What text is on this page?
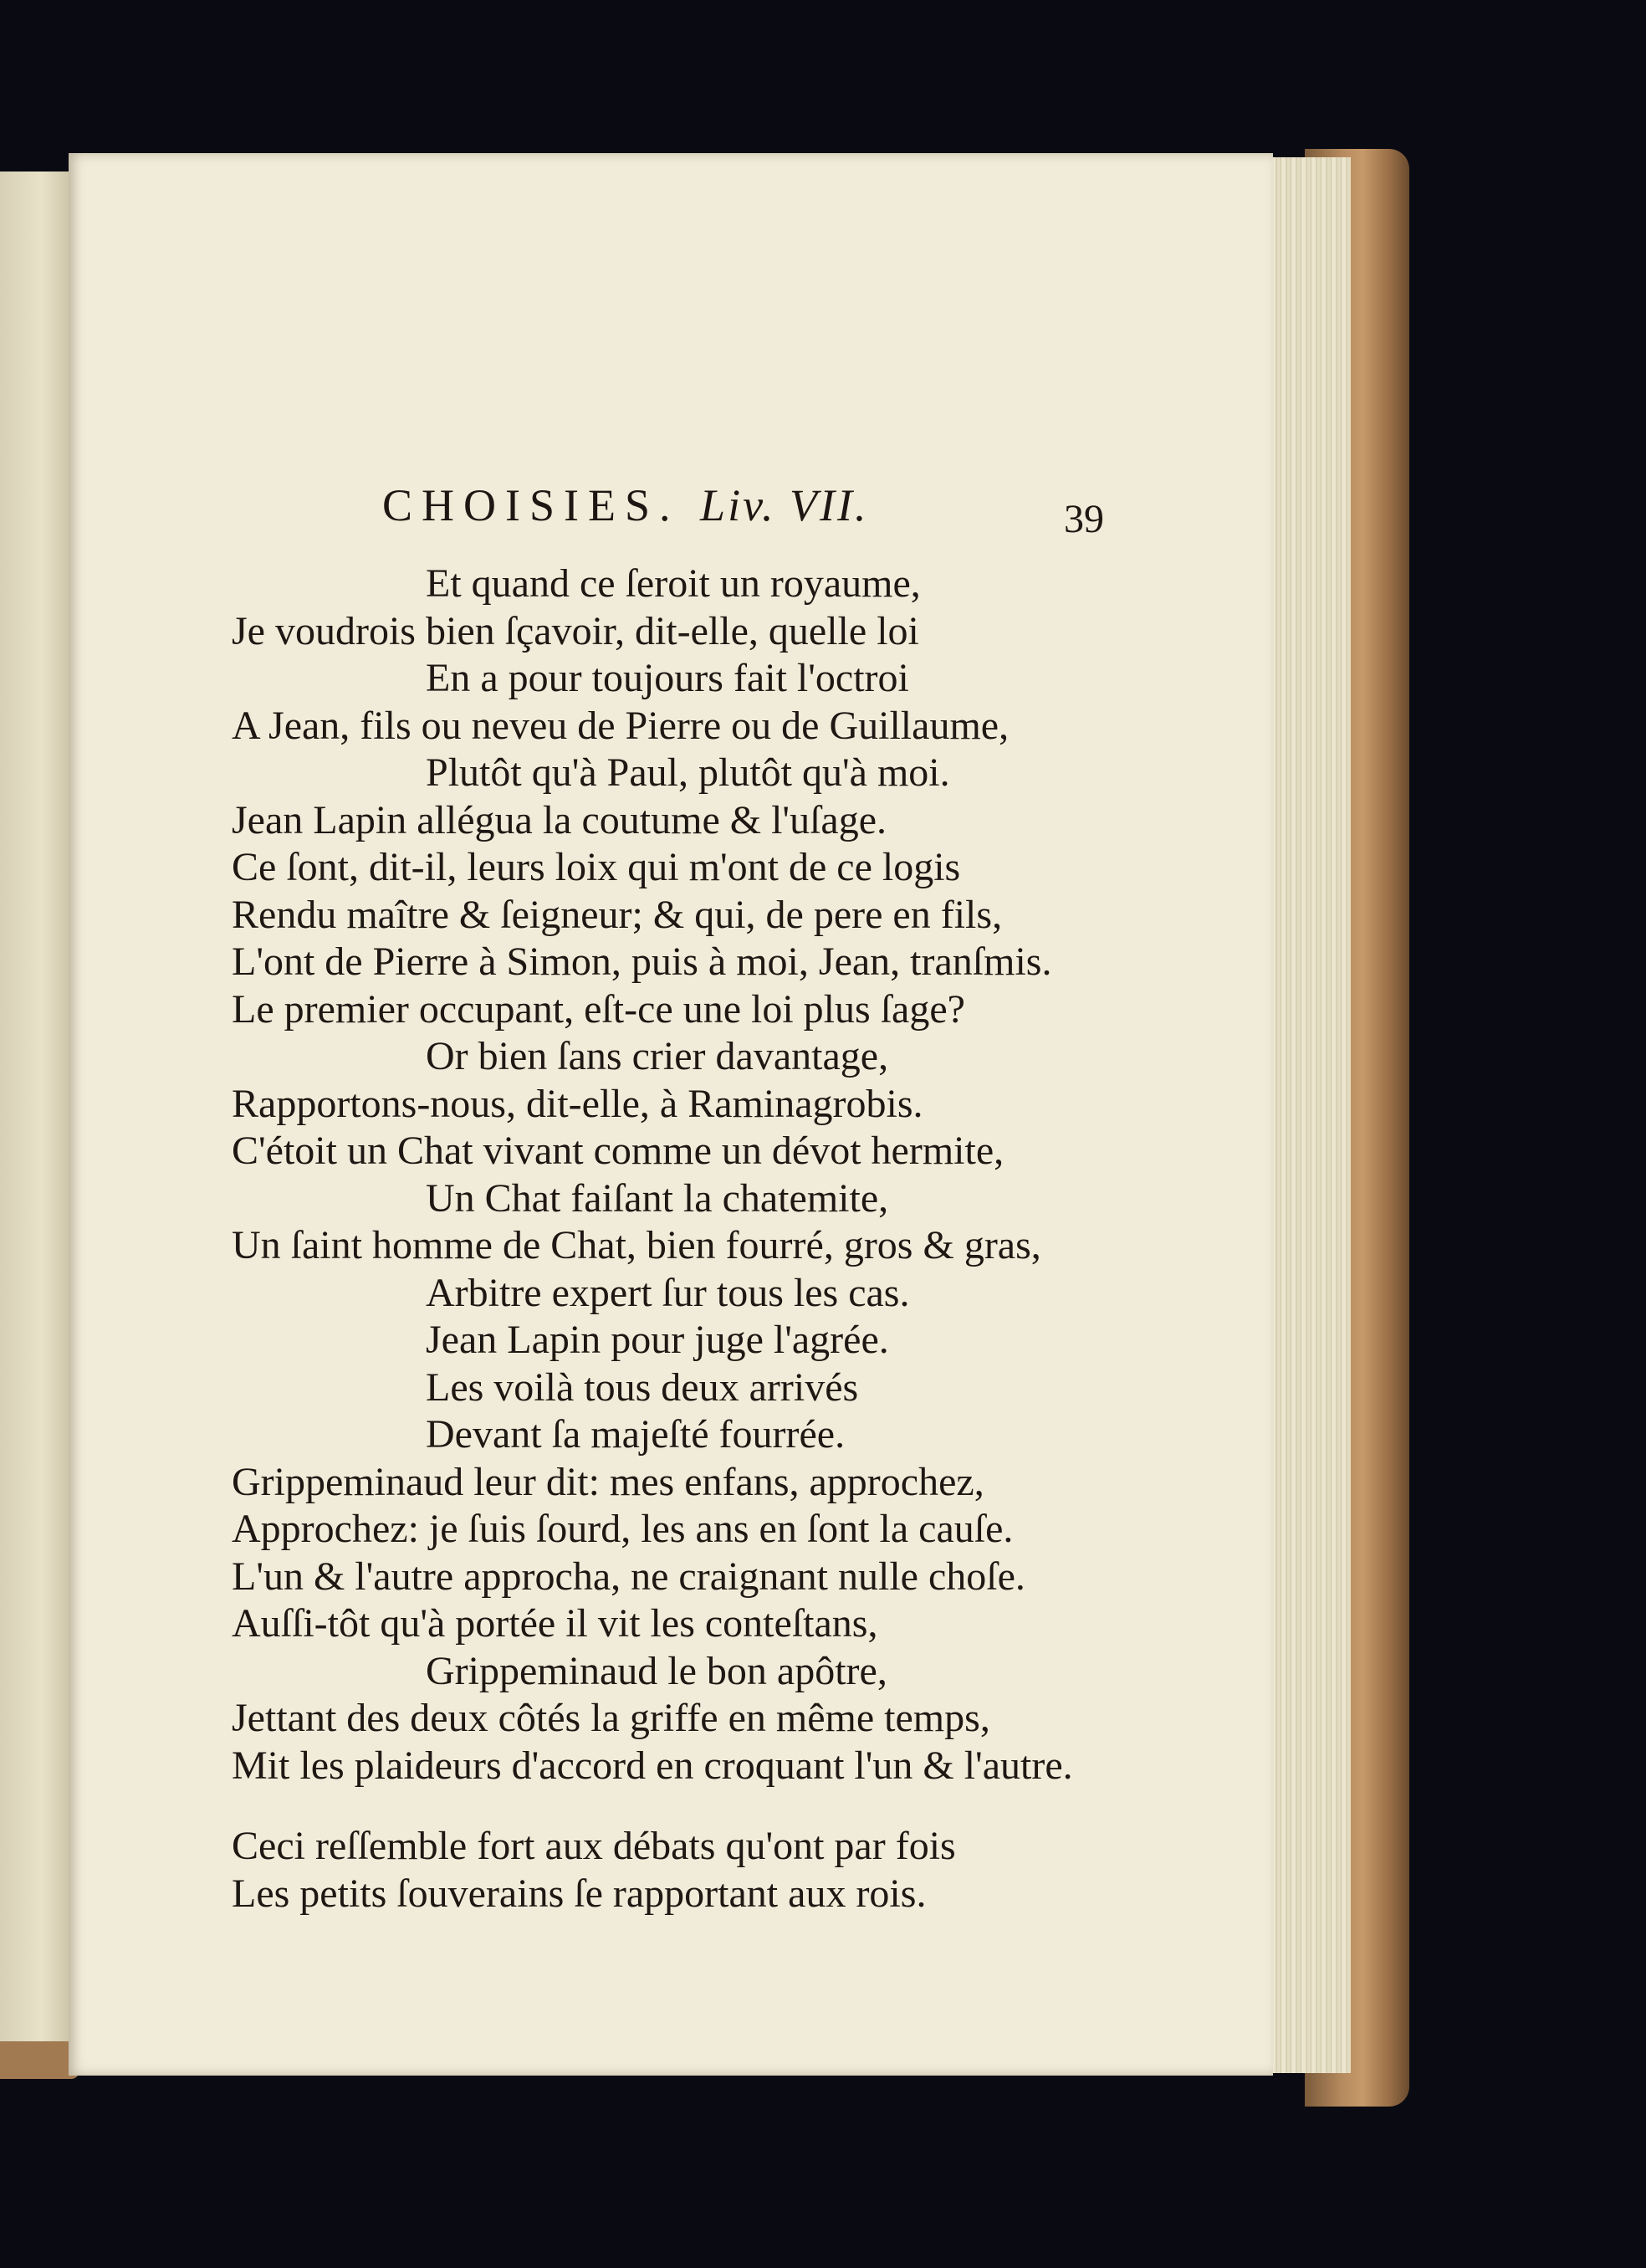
CHOISIES. Liv. VII.	39
Et quand ce ſeroit un royaume,
Je voudrois bien ſçavoir, dit-elle, quelle loi
En a pour toujours fait l'octroi
A Jean, fils ou neveu de Pierre ou de Guillaume,
Plutôt qu'à Paul, plutôt qu'à moi.
Jean Lapin allégua la coutume & l'uſage.
Ce ſont, dit-il, leurs loix qui m'ont de ce logis
Rendu maître & ſeigneur; & qui, de pere en fils,
L'ont de Pierre à Simon, puis à moi, Jean, tranſmis.
Le premier occupant, eſt-ce une loi plus ſage?
Or bien ſans crier davantage,
Rapportons-nous, dit-elle, à Raminagrobis.
C'étoit un Chat vivant comme un dévot hermite,
Un Chat faiſant la chatemite,
Un ſaint homme de Chat, bien fourré, gros & gras,
Arbitre expert ſur tous les cas.
Jean Lapin pour juge l'agrée.
Les voilà tous deux arrivés
Devant ſa majeſté fourrée.
Grippeminaud leur dit: mes enfans, approchez,
Approchez: je ſuis ſourd, les ans en ſont la cauſe.
L'un & l'autre approcha, ne craignant nulle choſe.
Auſſi-tôt qu'à portée il vit les conteſtans,
Grippeminaud le bon apôtre,
Jettant des deux côtés la griffe en même temps,
Mit les plaideurs d'accord en croquant l'un & l'autre.
Ceci reſſemble fort aux débats qu'ont par fois
Les petits ſouverains ſe rapportant aux rois.
